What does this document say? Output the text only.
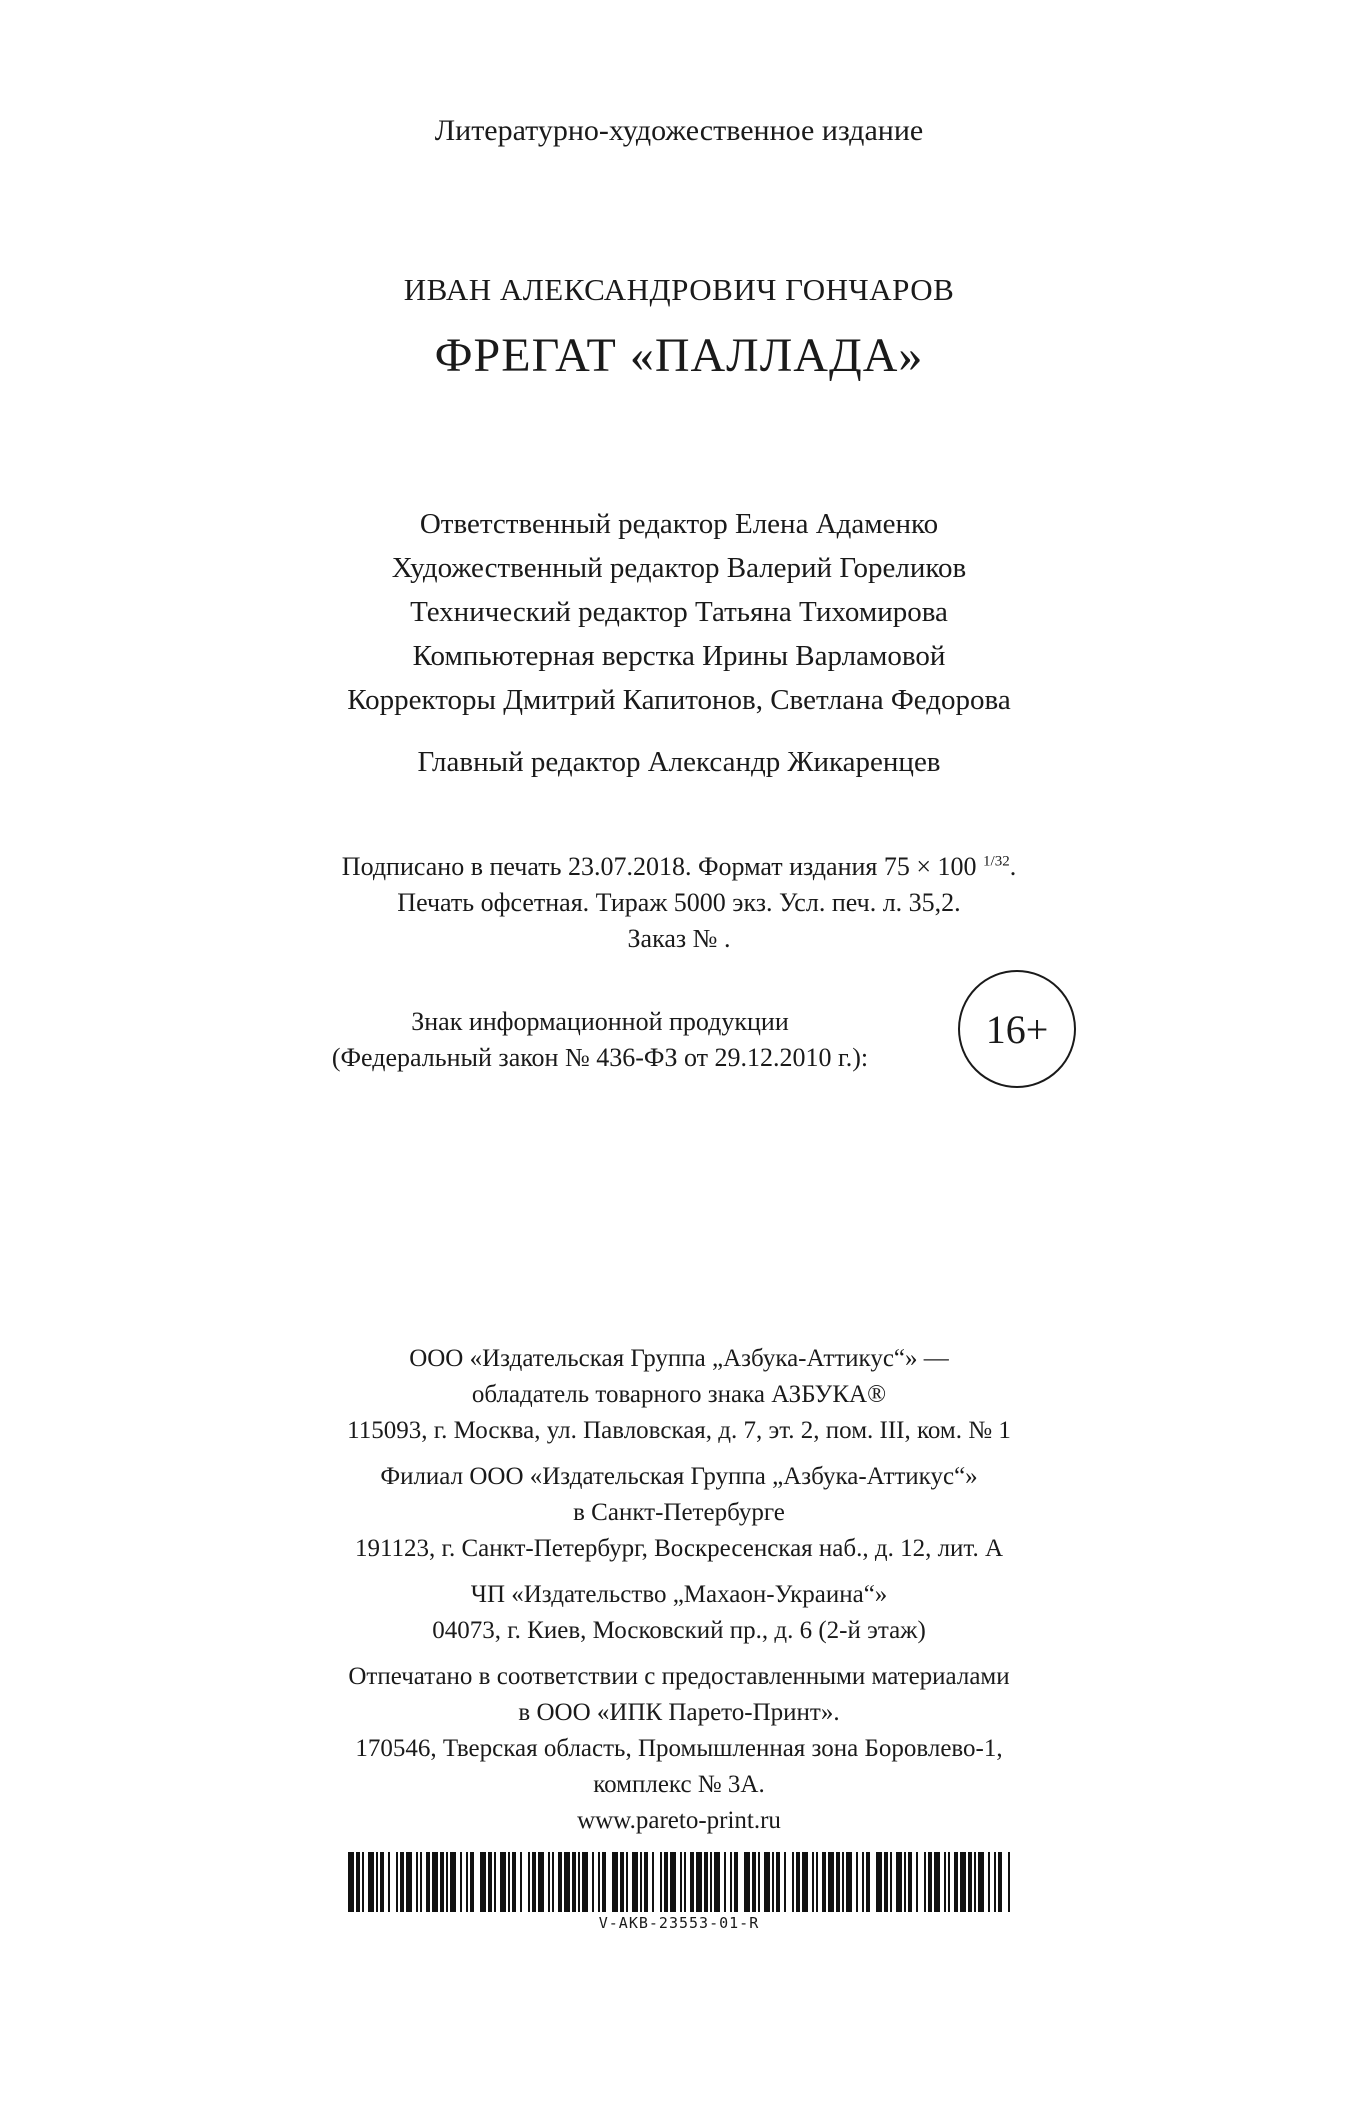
Литературно-художественное издание
ИВАН АЛЕКСАНДРОВИЧ ГОНЧАРОВ
ФРЕГАТ «ПАЛЛАДА»
Ответственный редактор Елена Адаменко
Художественный редактор Валерий Гореликов
Технический редактор Татьяна Тихомирова
Компьютерная верстка Ирины Варламовой
Корректоры Дмитрий Капитонов, Светлана Федорова
Главный редактор Александр Жикаренцев
Подписано в печать 23.07.2018. Формат издания 75 × 100 $^{1/32}$.
Печать офсетная. Тираж 5000 экз. Усл. печ. л. 35,2.
Заказ № .
Знак информационной продукции
(Федеральный закон № 436-ФЗ от 29.12.2010 г.):
16+
ООО «Издательская Группа „Азбука-Аттикус“» —
обладатель товарного знака АЗБУКА®
115093, г. Москва, ул. Павловская, д. 7, эт. 2, пом. III, ком. № 1
Филиал ООО «Издательская Группа „Азбука-Аттикус“»
в Санкт-Петербурге
191123, г. Санкт-Петербург, Воскресенская наб., д. 12, лит. А
ЧП «Издательство „Махаон-Украина“»
04073, г. Киев, Московский пр., д. 6 (2-й этаж)
Отпечатано в соответствии с предоставленными материалами
в ООО «ИПК Парето-Принт».
170546, Тверская область, Промышленная зона Боровлево-1,
комплекс № 3А.
www.pareto-print.ru
V-AKB-23553-01-R
